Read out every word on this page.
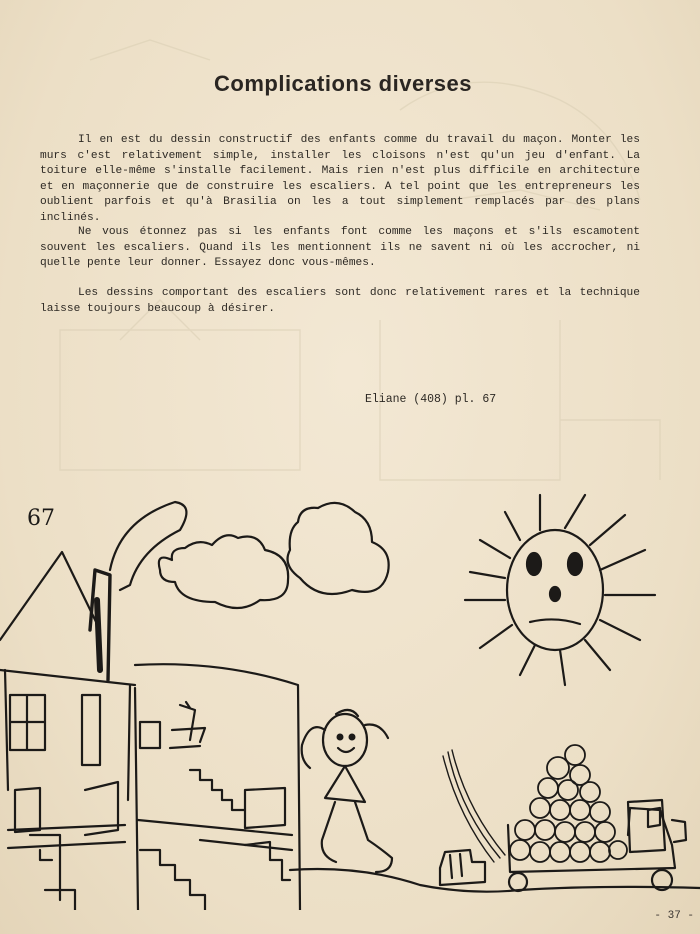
Complications diverses

Il en est du dessin constructif des enfants comme du travail du maçon. Monter les murs c'est relativement simple, installer les cloisons n'est qu'un jeu d'enfant. La toiture elle-même s'installe facilement. Mais rien n'est plus difficile en architecture et en maçonnerie que de construire les escaliers. A tel point que les entrepreneurs les oublient parfois et qu'à Brasilia on les a tout simplement remplacés par des plans inclinés.

Ne vous étonnez pas si les enfants font comme les maçons et s'ils escamotent souvent les escaliers. Quand ils les mentionnent ils ne savent ni où les accrocher, ni quelle pente leur donner. Essayez donc vous-mêmes.

Les dessins comportant des escaliers sont donc relativement rares et la technique laisse toujours beaucoup à désirer.

Eliane (408) pl. 67
67
- 37 -
